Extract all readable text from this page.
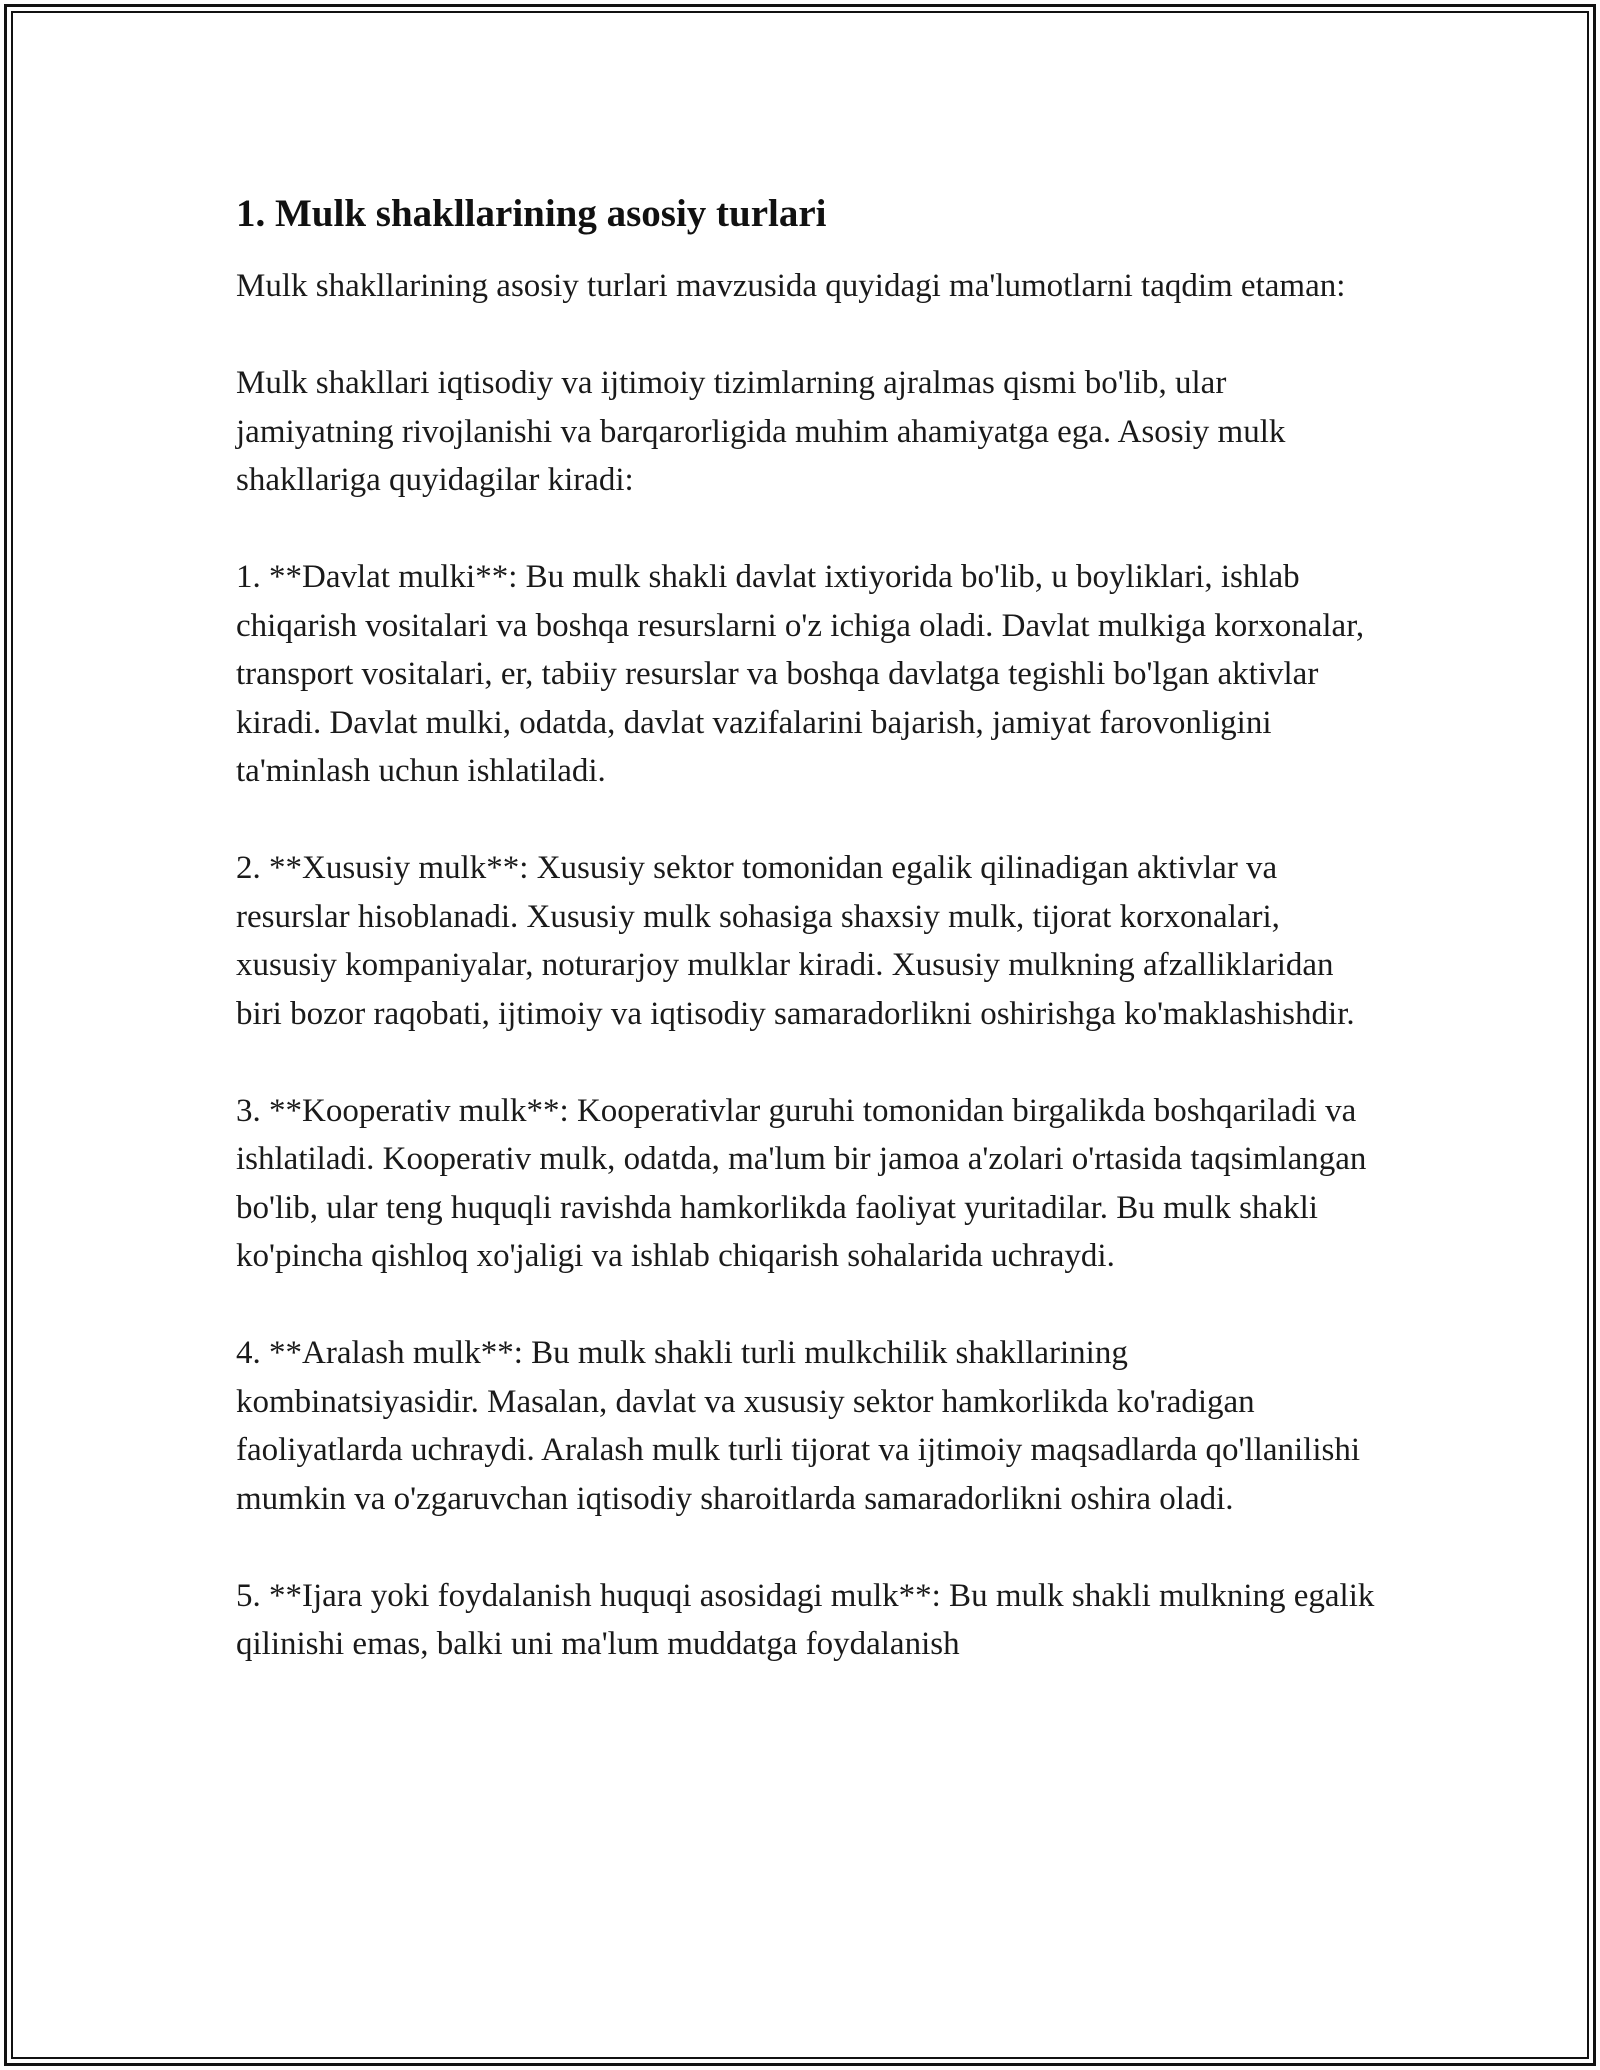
1. Mulk shakllarining asosiy turlari

Mulk shakllarining asosiy turlari mavzusida quyidagi ma'lumotlarni taqdim etaman:

Mulk shakllari iqtisodiy va ijtimoiy tizimlarning ajralmas qismi bo'lib, ular jamiyatning rivojlanishi va barqarorligida muhim ahamiyatga ega. Asosiy mulk shakllariga quyidagilar kiradi:

1. **Davlat mulki**: Bu mulk shakli davlat ixtiyorida bo'lib, u boyliklari, ishlab chiqarish vositalari va boshqa resurslarni o'z ichiga oladi. Davlat mulkiga korxonalar, transport vositalari, er, tabiiy resurslar va boshqa davlatga tegishli bo'lgan aktivlar kiradi. Davlat mulki, odatda, davlat vazifalarini bajarish, jamiyat farovonligini ta'minlash uchun ishlatiladi.

2. **Xususiy mulk**: Xususiy sektor tomonidan egalik qilinadigan aktivlar va resurslar hisoblanadi. Xususiy mulk sohasiga shaxsiy mulk, tijorat korxonalari, xususiy kompaniyalar, noturarjoy mulklar kiradi. Xususiy mulkning afzalliklaridan biri bozor raqobati, ijtimoiy va iqtisodiy samaradorlikni oshirishga ko'maklashishdir.

3. **Kooperativ mulk**: Kooperativlar guruhi tomonidan birgalikda boshqariladi va ishlatiladi. Kooperativ mulk, odatda, ma'lum bir jamoa a'zolari o'rtasida taqsimlangan bo'lib, ular teng huquqli ravishda hamkorlikda faoliyat yuritadilar. Bu mulk shakli ko'pincha qishloq xo'jaligi va ishlab chiqarish sohalarida uchraydi.

4. **Aralash mulk**: Bu mulk shakli turli mulkchilik shakllarining kombinatsiyasidir. Masalan, davlat va xususiy sektor hamkorlikda ko'radigan faoliyatlarda uchraydi. Aralash mulk turli tijorat va ijtimoiy maqsadlarda qo'llanilishi mumkin va o'zgaruvchan iqtisodiy sharoitlarda samaradorlikni oshira oladi.

5. **Ijara yoki foydalanish huquqi asosidagi mulk**: Bu mulk shakli mulkning egalik qilinishi emas, balki uni ma'lum muddatga foydalanish
